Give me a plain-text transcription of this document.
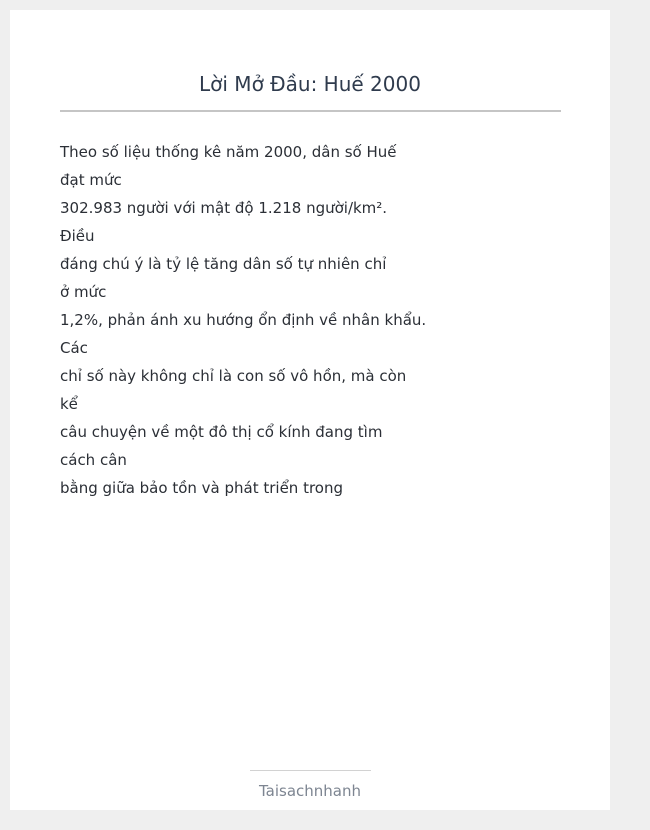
Lời Mở Đầu: Huế 2000
Theo số liệu thống kê năm 2000, dân số Huế
đạt mức
302.983 người với mật độ 1.218 người/km².
Điều
đáng chú ý là tỷ lệ tăng dân số tự nhiên chỉ
ở mức
1,2%, phản ánh xu hướng ổn định về nhân khẩu.
Các
chỉ số này không chỉ là con số vô hồn, mà còn
kể
câu chuyện về một đô thị cổ kính đang tìm
cách cân
bằng giữa bảo tồn và phát triển trong
Taisachnhanh
